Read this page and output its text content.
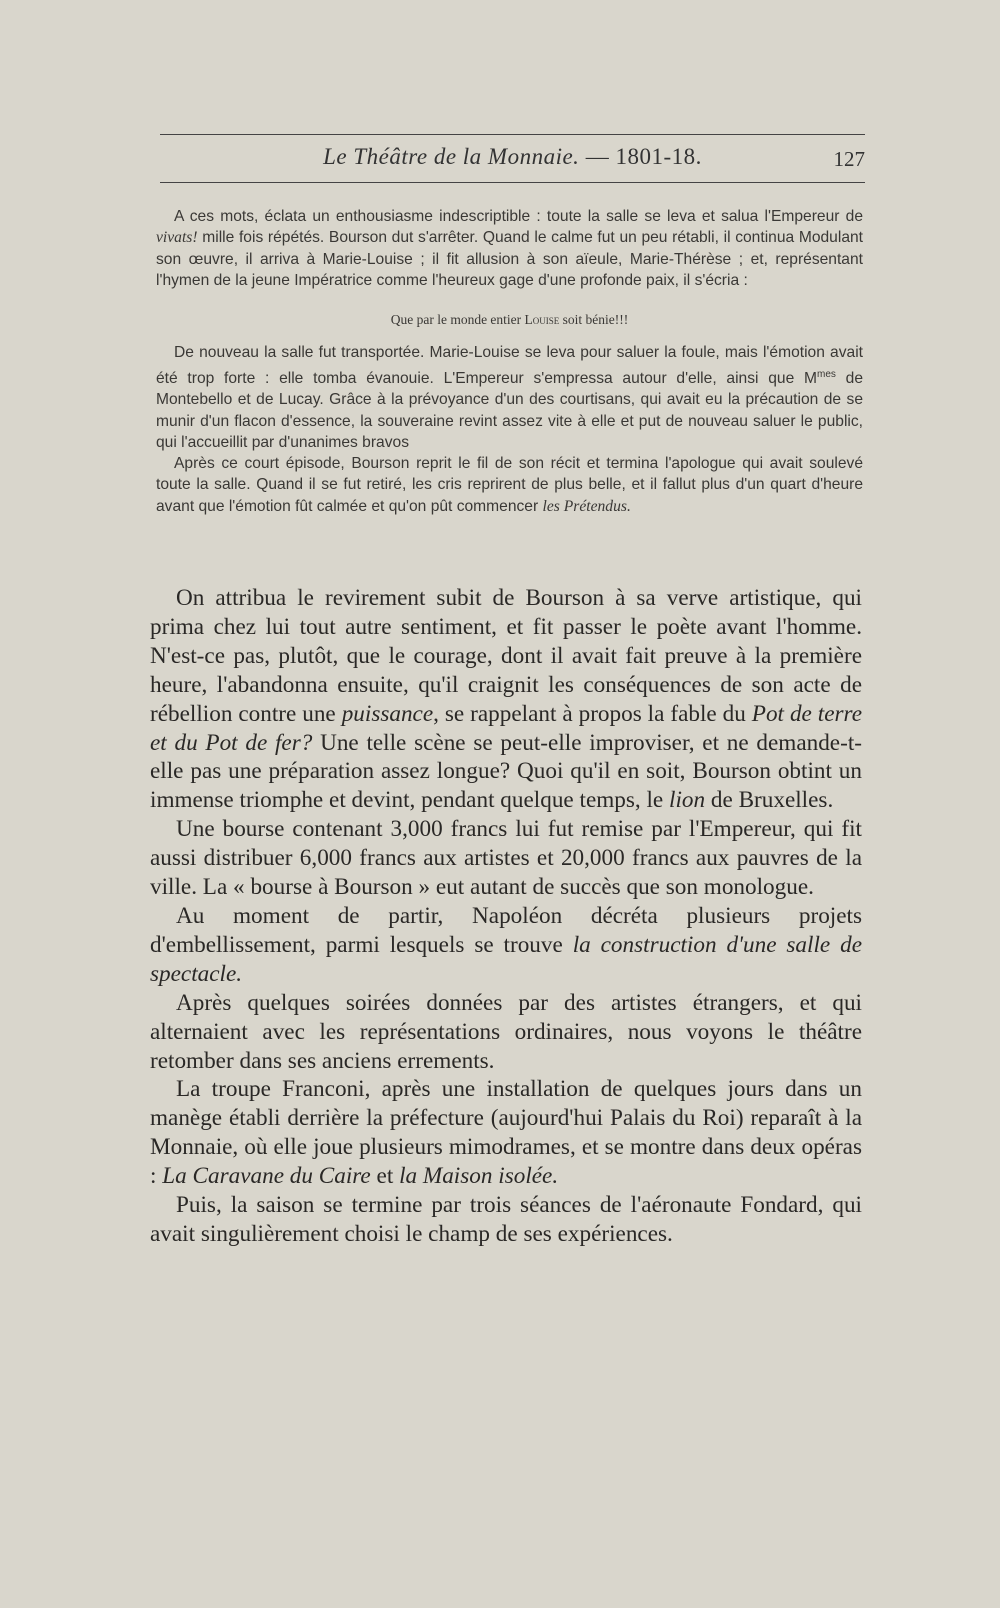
Le Théâtre de la Monnaie. — 1801-18.	127

A ces mots, éclata un enthousiasme indescriptible : toute la salle se leva et salua l'Empereur de vivats! mille fois répétés. Bourson dut s'arrêter. Quand le calme fut un peu rétabli, il continua Modulant son œuvre, il arriva à Marie-Louise ; il fit allusion à son aïeule, Marie-Thérèse ; et, représentant l'hymen de la jeune Impératrice comme l'heureux gage d'une profonde paix, il s'écria :

Que par le monde entier Louise soit bénie!!!

De nouveau la salle fut transportée. Marie-Louise se leva pour saluer la foule, mais l'émotion avait été trop forte : elle tomba évanouie. L'Empereur s'empressa autour d'elle, ainsi que $M^{mes}$ de Montebello et de Lucay. Grâce à la prévoyance d'un des courtisans, qui avait eu la précaution de se munir d'un flacon d'essence, la souveraine revint assez vite à elle et put de nouveau saluer le public, qui l'accueillit par d'unanimes bravos

Après ce court épisode, Bourson reprit le fil de son récit et termina l'apologue qui avait soulevé toute la salle. Quand il se fut retiré, les cris reprirent de plus belle, et il fallut plus d'un quart d'heure avant que l'émotion fût calmée et qu'on pût commencer les Prétendus.

On attribua le revirement subit de Bourson à sa verve artistique, qui prima chez lui tout autre sentiment, et fit passer le poète avant l'homme. N'est-ce pas, plutôt, que le courage, dont il avait fait preuve à la première heure, l'abandonna ensuite, qu'il craignit les conséquences de son acte de rébellion contre une puissance, se rappelant à propos la fable du Pot de terre et du Pot de fer? Une telle scène se peut-elle improviser, et ne demande-t-elle pas une préparation assez longue? Quoi qu'il en soit, Bourson obtint un immense triomphe et devint, pendant quelque temps, le lion de Bruxelles.

Une bourse contenant 3,000 francs lui fut remise par l'Empereur, qui fit aussi distribuer 6,000 francs aux artistes et 20,000 francs aux pauvres de la ville. La « bourse à Bourson » eut autant de succès que son monologue.

Au moment de partir, Napoléon décréta plusieurs projets d'embellissement, parmi lesquels se trouve la construction d'une salle de spectacle.

Après quelques soirées données par des artistes étrangers, et qui alternaient avec les représentations ordinaires, nous voyons le théâtre retomber dans ses anciens errements.

La troupe Franconi, après une installation de quelques jours dans un manège établi derrière la préfecture (aujourd'hui Palais du Roi) reparaît à la Monnaie, où elle joue plusieurs mimodrames, et se montre dans deux opéras : La Caravane du Caire et la Maison isolée.

Puis, la saison se termine par trois séances de l'aéronaute Fondard, qui avait singulièrement choisi le champ de ses expériences.
